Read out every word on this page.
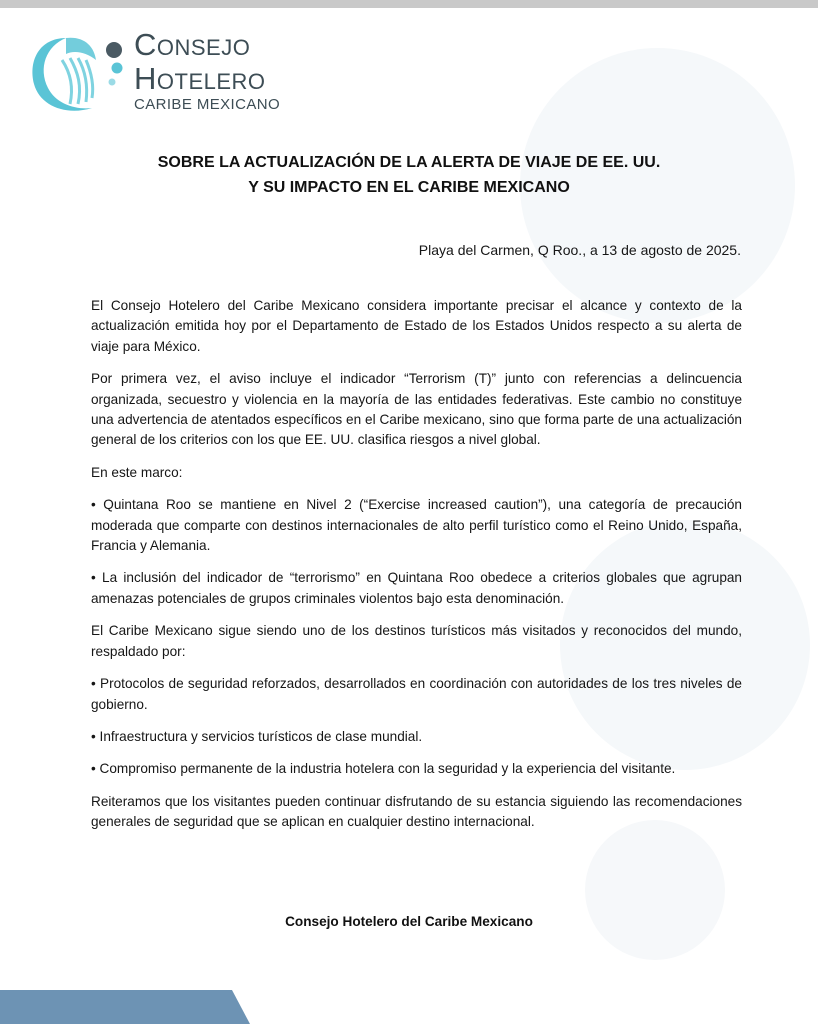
Consejo
Hotelero
CARIBE MEXICANO
SOBRE LA ACTUALIZACIÓN DE LA ALERTA DE VIAJE DE EE. UU.
Y SU IMPACTO EN EL CARIBE MEXICANO
Playa del Carmen, Q Roo., a 13 de agosto de 2025.

El Consejo Hotelero del Caribe Mexicano considera importante precisar el alcance y contexto de la actualización emitida hoy por el Departamento de Estado de los Estados Unidos respecto a su alerta de viaje para México.

Por primera vez, el aviso incluye el indicador “Terrorism (T)” junto con referencias a delincuencia organizada, secuestro y violencia en la mayoría de las entidades federativas. Este cambio no constituye una advertencia de atentados específicos en el Caribe mexicano, sino que forma parte de una actualización general de los criterios con los que EE. UU. clasifica riesgos a nivel global.

En este marco:

• Quintana Roo se mantiene en Nivel 2 (“Exercise increased caution”), una categoría de precaución moderada que comparte con destinos internacionales de alto perfil turístico como el Reino Unido, España, Francia y Alemania.

• La inclusión del indicador de “terrorismo” en Quintana Roo obedece a criterios globales que agrupan amenazas potenciales de grupos criminales violentos bajo esta denominación.

El Caribe Mexicano sigue siendo uno de los destinos turísticos más visitados y reconocidos del mundo, respaldado por:

• Protocolos de seguridad reforzados, desarrollados en coordinación con autoridades de los tres niveles de gobierno.

• Infraestructura y servicios turísticos de clase mundial.

• Compromiso permanente de la industria hotelera con la seguridad y la experiencia del visitante.

Reiteramos que los visitantes pueden continuar disfrutando de su estancia siguiendo las recomendaciones generales de seguridad que se aplican en cualquier destino internacional.

Consejo Hotelero del Caribe Mexicano
